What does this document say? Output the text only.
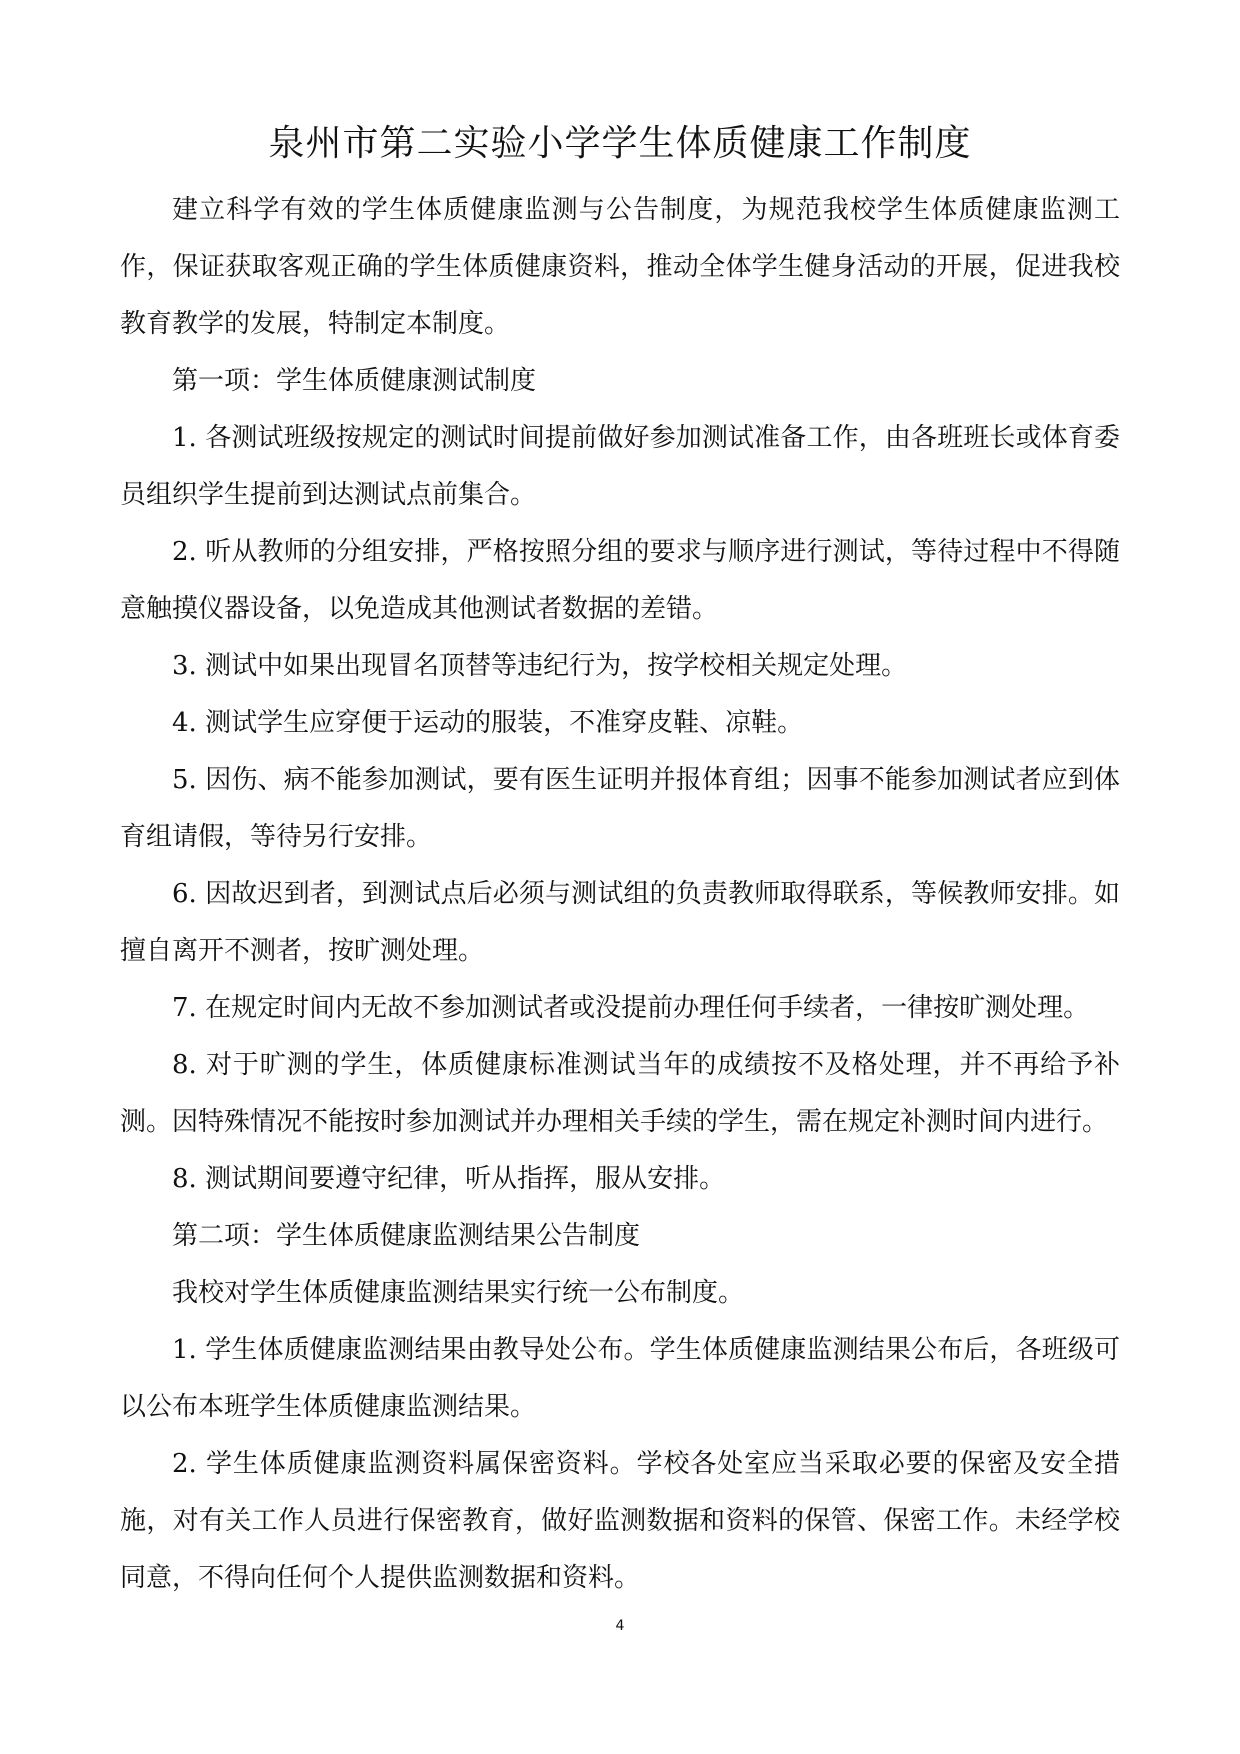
泉州市第二实验小学学生体质健康工作制度

建立科学有效的学生体质健康监测与公告制度，为规范我校学生体质健康监测工作，保证获取客观正确的学生体质健康资料，推动全体学生健身活动的开展，促进我校教育教学的发展，特制定本制度。

第一项：学生体质健康测试制度

1. 各测试班级按规定的测试时间提前做好参加测试准备工作，由各班班长或体育委员组织学生提前到达测试点前集合。

2. 听从教师的分组安排，严格按照分组的要求与顺序进行测试，等待过程中不得随意触摸仪器设备，以免造成其他测试者数据的差错。

3. 测试中如果出现冒名顶替等违纪行为，按学校相关规定处理。

4. 测试学生应穿便于运动的服装，不准穿皮鞋、凉鞋。

5. 因伤、病不能参加测试，要有医生证明并报体育组；因事不能参加测试者应到体育组请假，等待另行安排。

6. 因故迟到者，到测试点后必须与测试组的负责教师取得联系，等候教师安排。如擅自离开不测者，按旷测处理。

7. 在规定时间内无故不参加测试者或没提前办理任何手续者，一律按旷测处理。

8. 对于旷测的学生，体质健康标准测试当年的成绩按不及格处理，并不再给予补测。因特殊情况不能按时参加测试并办理相关手续的学生，需在规定补测时间内进行。

8. 测试期间要遵守纪律，听从指挥，服从安排。

第二项：学生体质健康监测结果公告制度

我校对学生体质健康监测结果实行统一公布制度。

1. 学生体质健康监测结果由教导处公布。学生体质健康监测结果公布后，各班级可以公布本班学生体质健康监测结果。

2. 学生体质健康监测资料属保密资料。学校各处室应当采取必要的保密及安全措施，对有关工作人员进行保密教育，做好监测数据和资料的保管、保密工作。未经学校同意，不得向任何个人提供监测数据和资料。

4
